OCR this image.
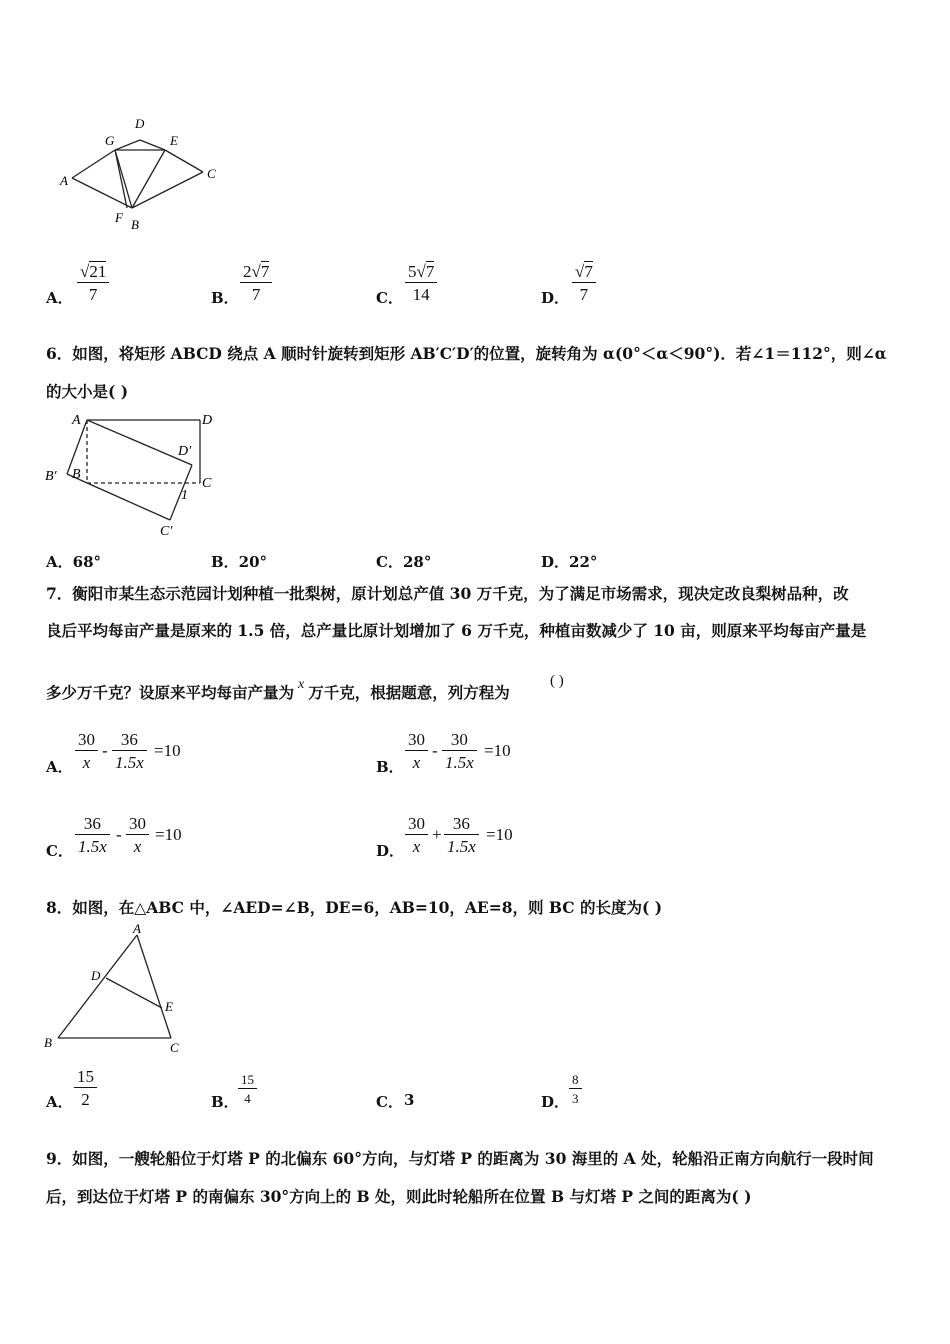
D
G	E
A	C
F B
A． $\frac{√21}{7}$	B． $\frac{2√7}{7}$	C． $\frac{5√7}{14}$	D． $\frac{√7}{7}$
6．如图，将矩形 ABCD 绕点 A 顺时针旋转到矩形 AB′C′D′的位置，旋转角为 α(0°＜α＜90°)．若∠1＝112°，则∠α
的大小是( )
A	D
D′
B′ B
C
1
C′
A．68°	B．20°	C．28°	D．22°
7．衡阳市某生态示范园计划种植一批梨树，原计划总产值 30 万千克，为了满足市场需求，现决定改良梨树品种，改
良后平均每亩产量是原来的 1.5 倍，总产量比原计划增加了 6 万千克，种植亩数减少了 10 亩，则原来平均每亩产量是
多少万千克？设原来平均每亩产量为 x 万千克，根据题意，列方程为
( )
A． $\frac{30}{x} - \frac{36}{1.5x} =10$
B． $\frac{30}{x} - \frac{30}{1.5x} =10$
C． $\frac{36}{1.5x} - \frac{30}{x} =10$
D． $\frac{30}{x} + \frac{36}{1.5x} =10$
8．如图，在△ABC 中，∠AED=∠B，DE=6，AB=10，AE=8，则 BC 的长度为( )
A
D
E
B	C
A． $\frac{15}{2}$	B． $\frac{15}{4}$	C． 3	D． $\frac{8}{3}$
9．如图，一艘轮船位于灯塔 P 的北偏东 60°方向，与灯塔 P 的距离为 30 海里的 A 处，轮船沿正南方向航行一段时间
后，到达位于灯塔 P 的南偏东 30°方向上的 B 处，则此时轮船所在位置 B 与灯塔 P 之间的距离为( )
